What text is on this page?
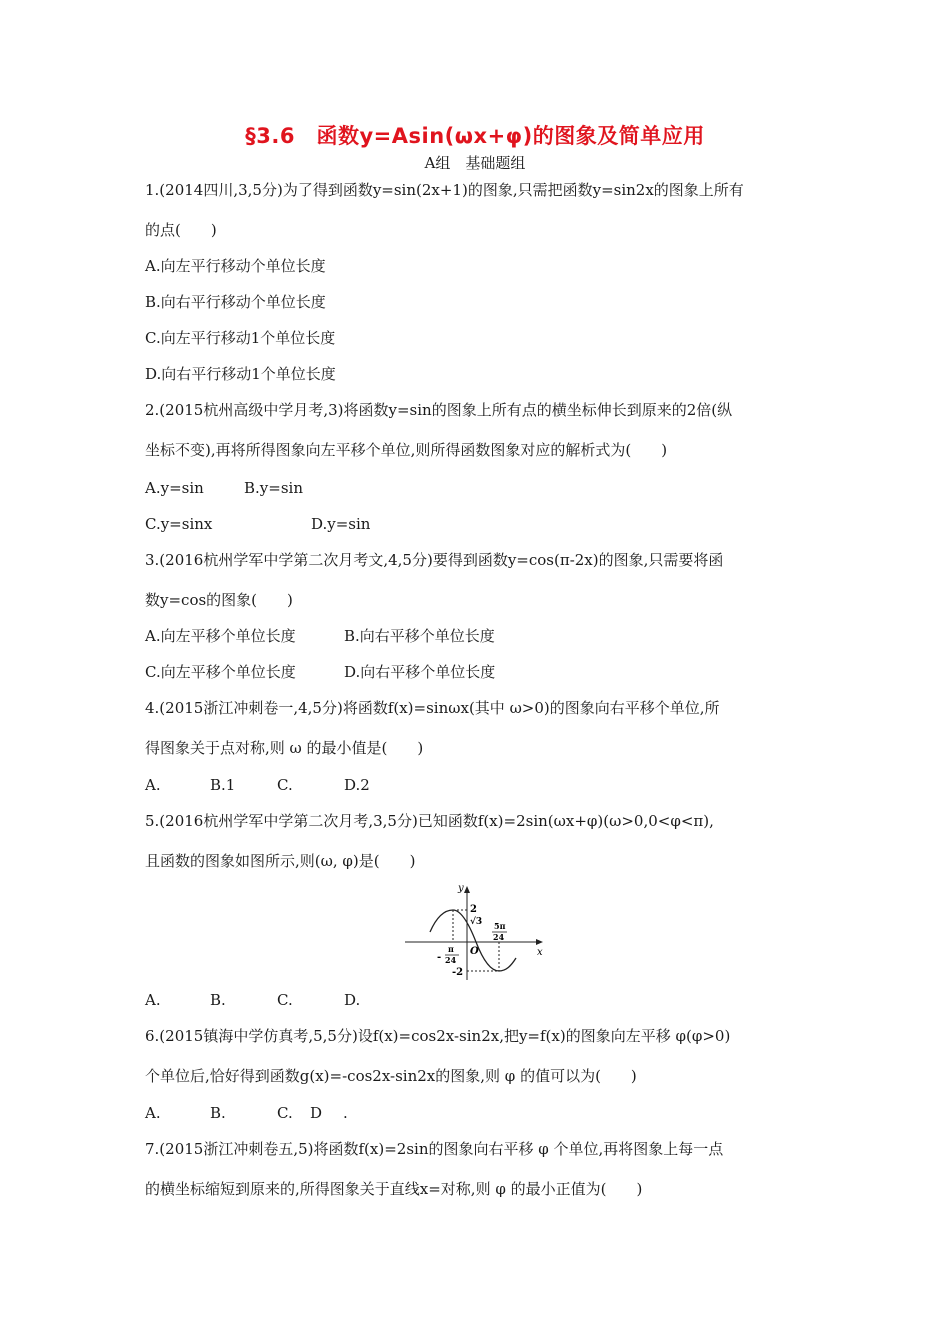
§3.6　函数y=Asin(ωx+φ)的图象及简单应用
A组　基础题组
1.(2014四川,3,5分)为了得到函数y=sin(2x+1)的图象,只需把函数y=sin2x的图象上所有
的点(　　)
A.向左平行移动个单位长度
B.向右平行移动个单位长度
C.向左平行移动1个单位长度
D.向右平行移动1个单位长度
2.(2015杭州高级中学月考,3)将函数y=sin的图象上所有点的横坐标伸长到原来的2倍(纵
坐标不变),再将所得图象向左平移个单位,则所得函数图象对应的解析式为(　　)
A.y=sin	B.y=sin
C.y=sinx	D.y=sin
3.(2016杭州学军中学第二次月考文,4,5分)要得到函数y=cos(π-2x)的图象,只需要将函
数y=cos的图象(　　)
A.向左平移个单位长度	B.向右平移个单位长度
C.向左平移个单位长度	D.向右平移个单位长度
4.(2015浙江冲刺卷一,4,5分)将函数f(x)=sinωx(其中 ω>0)的图象向右平移个单位,所
得图象关于点对称,则 ω 的最小值是(　　)
A.	B.1	C.	D.2
5.(2016杭州学军中学第二次月考,3,5分)已知函数f(x)=2sin(ωx+φ)(ω>0,0<φ<π),
且函数的图象如图所示,则(ω, φ)是(　　)
y
x
O
2
√3
-2
-
π
24
5π
24
A.	B.	C.	D.
6.(2015镇海中学仿真考,5,5分)设f(x)=cos2x-sin2x,把y=f(x)的图象向左平移 φ(φ>0)
个单位后,恰好得到函数g(x)=-cos2x-sin2x的图象,则 φ 的值可以为(　　)
A.	B.	C. D .
7.(2015浙江冲刺卷五,5)将函数f(x)=2sin的图象向右平移 φ 个单位,再将图象上每一点
的横坐标缩短到原来的,所得图象关于直线x=对称,则 φ 的最小正值为(　　)
